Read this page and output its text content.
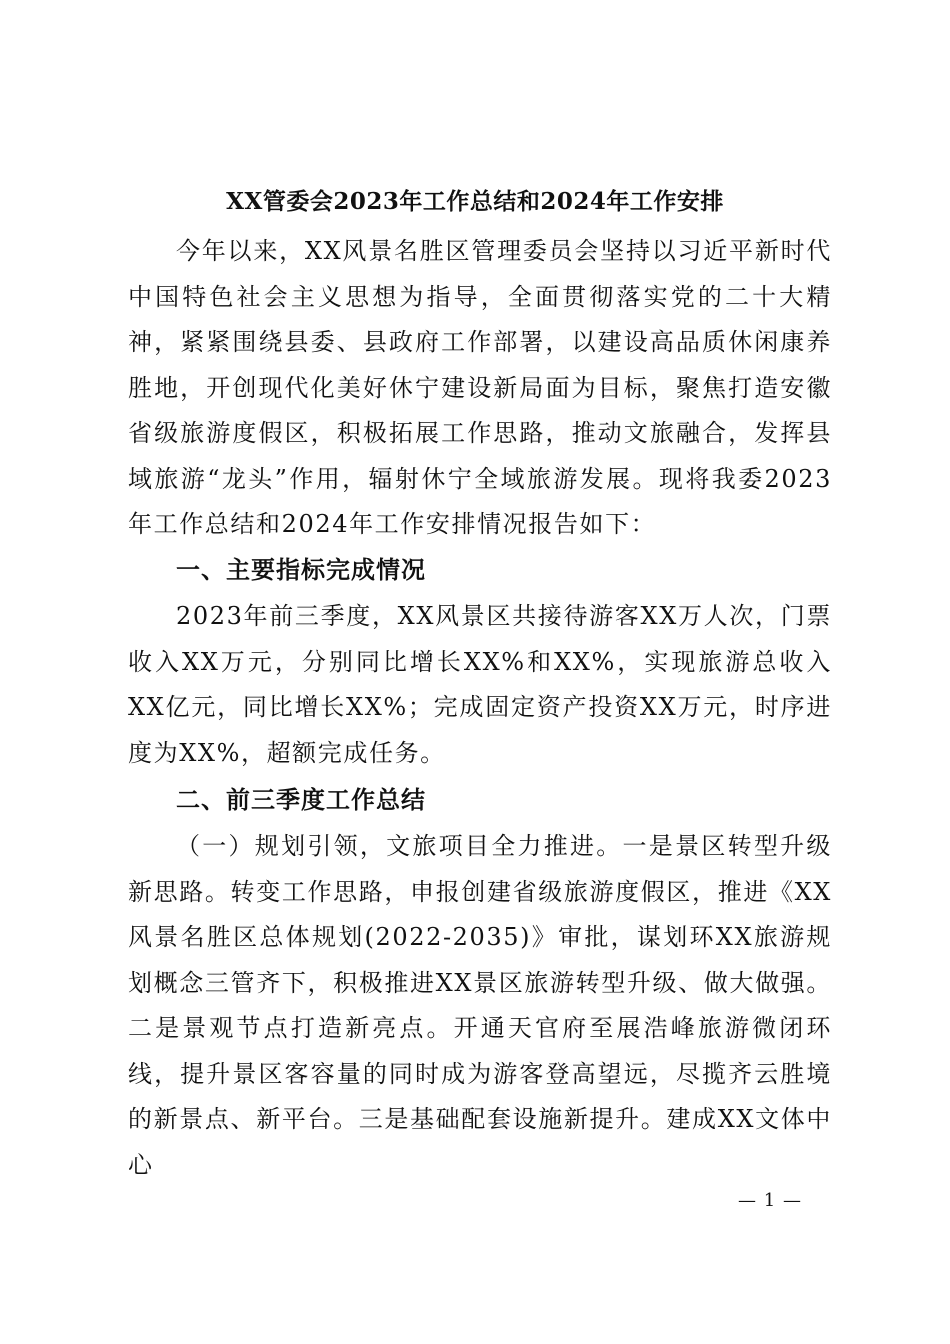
XX管委会2023年工作总结和2024年工作安排

今年以来，XX风景名胜区管理委员会坚持以习近平新时代中国特色社会主义思想为指导，全面贯彻落实党的二十大精神，紧紧围绕县委、县政府工作部署，以建设高品质休闲康养胜地，开创现代化美好休宁建设新局面为目标，聚焦打造安徽省级旅游度假区，积极拓展工作思路，推动文旅融合，发挥县域旅游“龙头”作用，辐射休宁全域旅游发展。现将我委2023年工作总结和2024年工作安排情况报告如下：

一、主要指标完成情况

2023年前三季度，XX风景区共接待游客XX万人次，门票收入XX万元，分别同比增长XX%和XX%，实现旅游总收入XX亿元，同比增长XX%；完成固定资产投资XX万元，时序进度为XX%，超额完成任务。

二、前三季度工作总结

（一）规划引领，文旅项目全力推进。一是景区转型升级新思路。转变工作思路，申报创建省级旅游度假区，推进《XX风景名胜区总体规划(2022-2035)》审批，谋划环XX旅游规划概念三管齐下，积极推进XX景区旅游转型升级、做大做强。二是景观节点打造新亮点。开通天官府至展浩峰旅游微闭环线，提升景区客容量的同时成为游客登高望远，尽揽齐云胜境的新景点、新平台。三是基础配套设施新提升。建成XX文体中心

— 1 —
